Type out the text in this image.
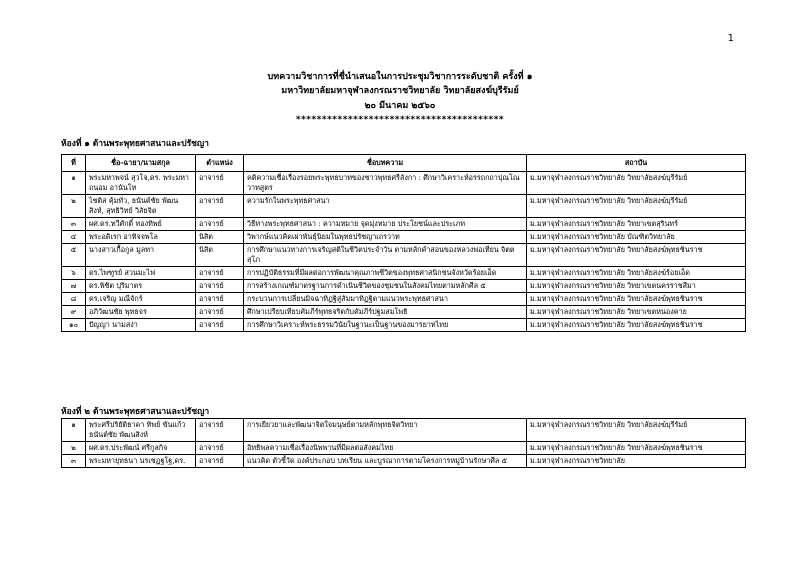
1
บทความวิชาการที่ชื่นำเสนอในการประชุมวิชาการระดับชาติ ครั้งที่ ๑
มหาวิทยาลัยมหาจุฬาลงกรณราชวิทยาลัย วิทยาลัยสงฆ์บุรีรัมย์
๒๐ มีนาคม ๒๕๖๐
****************************************
ห้องที่ ๑ ด้านพระพุทธศาสนาและปรัชญา
ที่	ชื่อ-ฉายา/นามสกุล	ตำแหน่ง	ชื่อบทความ	สถาบัน
๑	พระมหาพจน์ สุวโจ,ดร. พระมหาถนอม อานันโท	อาจารย์	คติความเชื่อเรื่องรอยพระพุทธบาทของชาวพุทธศรีลังกา : ศึกษาวิเคราะห์อรรถกถาปุณโณวาทสูตร	ม.มหาจุฬาลงกรณราชวิทยาลัย วิทยาลัยสงฆ์บุรีรัมย์
๒	ไชติส คุ้มทั่ว, ธนันต์ชัย พัฒนสิงห์, สุทธิวิทย์ วิสัยจิต	อาจารย์	ความรักในพระพุทธศาสนา	ม.มหาจุฬาลงกรณราชวิทยาลัย วิทยาลัยสงฆ์บุรีรัมย์
๓	ผศ.ดร.ทวีศักดิ์ ทองทิพย์	อาจารย์	วิธีทางพระพุทธศาสนา : ความหมาย จุดมุ่งหมาย ประโยชน์และประเภท	ม.มหาจุฬาลงกรณราชวิทยาลัย วิทยาเขตสุรินทร์
๔	พระอดิเรก อาทิจจพโล	นิสิต	วิพากษ์แนวคิดเผ่าพันธุ์นิยมในพุทธปรัชญาเถรวาท	ม.มหาจุฬาลงกรณราชวิทยาลัย บัณฑิตวิทยาลัย
๕	นางสาวเกื้อกูล มูลทา	นิสิต	การศึกษาแนวทางการเจริญสติในชีวิตประจำวัน ตามหลักคำสอนของหลวงพ่อเทียน จิตตสุโภ	ม.มหาจุฬาลงกรณราชวิทยาลัย วิทยาลัยสงฆ์พุทธชินราช
๖	ดร.ไพฑูรย์ สวนมะไฟ	อาจารย์	การปฏิบัติธรรมที่มีผลต่อการพัฒนาคุณภาพชีวิตของพุทธศาสนิกชนจังหวัดร้อยเอ็ด	ม.มหาจุฬาลงกรณราชวิทยาลัย วิทยาลัยสงฆ์ร้อยเอ็ด
๗	ดร.พิชิต ปุริมาตร	อาจารย์	การสร้างเกณฑ์มาตรฐานการดำเนินชีวิตของชุมชนในสังคมไทยตามหลักศีล ๕	ม.มหาจุฬาลงกรณราชวิทยาลัย วิทยาเขตนครราชสีมา
๘	ดร.เจริญ มณีจักร์	อาจารย์	กระบวนการเปลี่ยนมิจฉาทิฏฐิสู่สัมมาทิฏฐิตามแนวพระพุทธศาสนา	ม.มหาจุฬาลงกรณราชวิทยาลัย วิทยาลัยสงฆ์พุทธชินราช
๙	อภิวัฒนชัย พุทธจร	อาจารย์	ศึกษาเปรียบเทียบคัมภีร์พุทธจริตกับคัมภีร์ปฐมสมโพธิ	ม.มหาจุฬาลงกรณราชวิทยาลัย วิทยาเขตหนองคาย
๑๐	ปัญญา นามสง่า	อาจารย์	การศึกษาวิเคราะห์พระธรรมวินัยในฐานะเป็นฐานของมารยาทไทย	ม.มหาจุฬาลงกรณราชวิทยาลัย วิทยาลัยสงฆ์พุทธชินราช
ห้องที่ ๒ ด้านพระพุทธศาสนาและปรัชญา
๑	พระศรีปริยัติธาดา ทิพย์ ขันแก้ว ธนันต์ชัย พัฒนสิงห์	อาจารย์	การเยียวยาและพัฒนาจิตใจมนุษย์ตามหลักพุทธจิตวิทยา	ม.มหาจุฬาลงกรณราชวิทยาลัย วิทยาลัยสงฆ์บุรีรัมย์
๒	ผศ.ดร.ประพัฒน์ ศรีกูลกิจ	อาจารย์	อิทธิพลความเชื่อเรื่องนิพพานที่มีผลต่อสังคมไทย	ม.มหาจุฬาลงกรณราชวิทยาลัย วิทยาลัยสงฆ์พุทธชินราช
๓	พระมหายุทธนา นรเชฏฐโฐ,ดร.	อาจารย์	แนวคิด ตัวชี้วัด องค์ประกอบ บทเรียน และบูรณาการตามโครงการหมู่บ้านรักษาศีล ๕	ม.มหาจุฬาลงกรณราชวิทยาลัย
